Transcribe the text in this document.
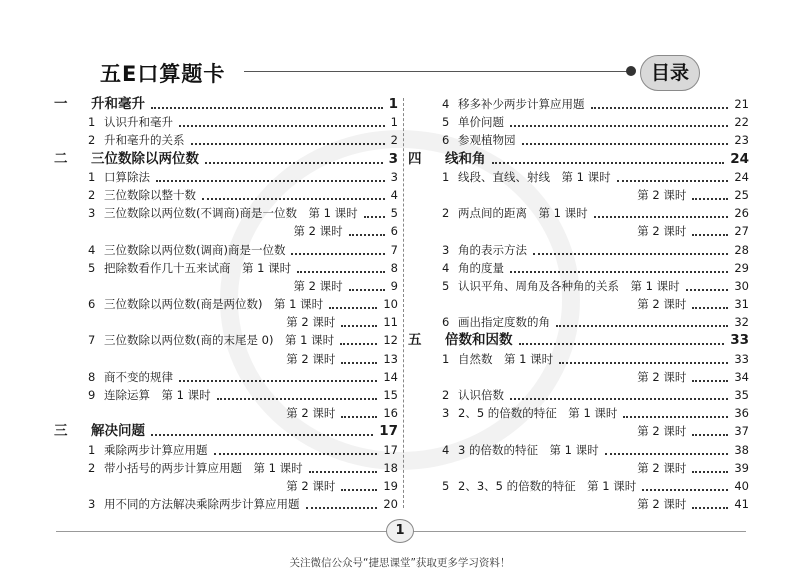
五E口算题卡	目录
一	升和毫升	1
1 认识升和毫升	1
2 升和毫升的关系	2
二	三位数除以两位数	3
1 口算除法	3
2 三位数除以整十数	4
3 三位数除以两位数(不调商)商是一位数　第 1 课时	5
第 2 课时	6
4 三位数除以两位数(调商)商是一位数	7
5 把除数看作几十五来试商　第 1 课时	8
第 2 课时	9
6 三位数除以两位数(商是两位数)　第 1 课时	10
第 2 课时	11
7 三位数除以两位数(商的末尾是 0)　第 1 课时	12
第 2 课时	13
8 商不变的规律	14
9 连除运算　第 1 课时	15
第 2 课时	16
三	解决问题	17
1 乘除两步计算应用题	17
2 带小括号的两步计算应用题　第 1 课时	18
第 2 课时	19
3 用不同的方法解决乘除两步计算应用题	20
4 移多补少两步计算应用题	21
5 单价问题	22
6 参观植物园	23
四	线和角	24
1 线段、直线、射线　第 1 课时	24
第 2 课时	25
2 两点间的距离　第 1 课时	26
第 2 课时	27
3 角的表示方法	28
4 角的度量	29
5 认识平角、周角及各种角的关系　第 1 课时	30
第 2 课时	31
6 画出指定度数的角	32
五	倍数和因数	33
1 自然数　第 1 课时	33
第 2 课时	34
2 认识倍数	35
3 2、5 的倍数的特征　第 1 课时	36
第 2 课时	37
4 3 的倍数的特征　第 1 课时	38
第 2 课时	39
5 2、3、5 的倍数的特征　第 1 课时	40
第 2 课时	41
1
关注微信公众号“捷思课堂”获取更多学习资料！
